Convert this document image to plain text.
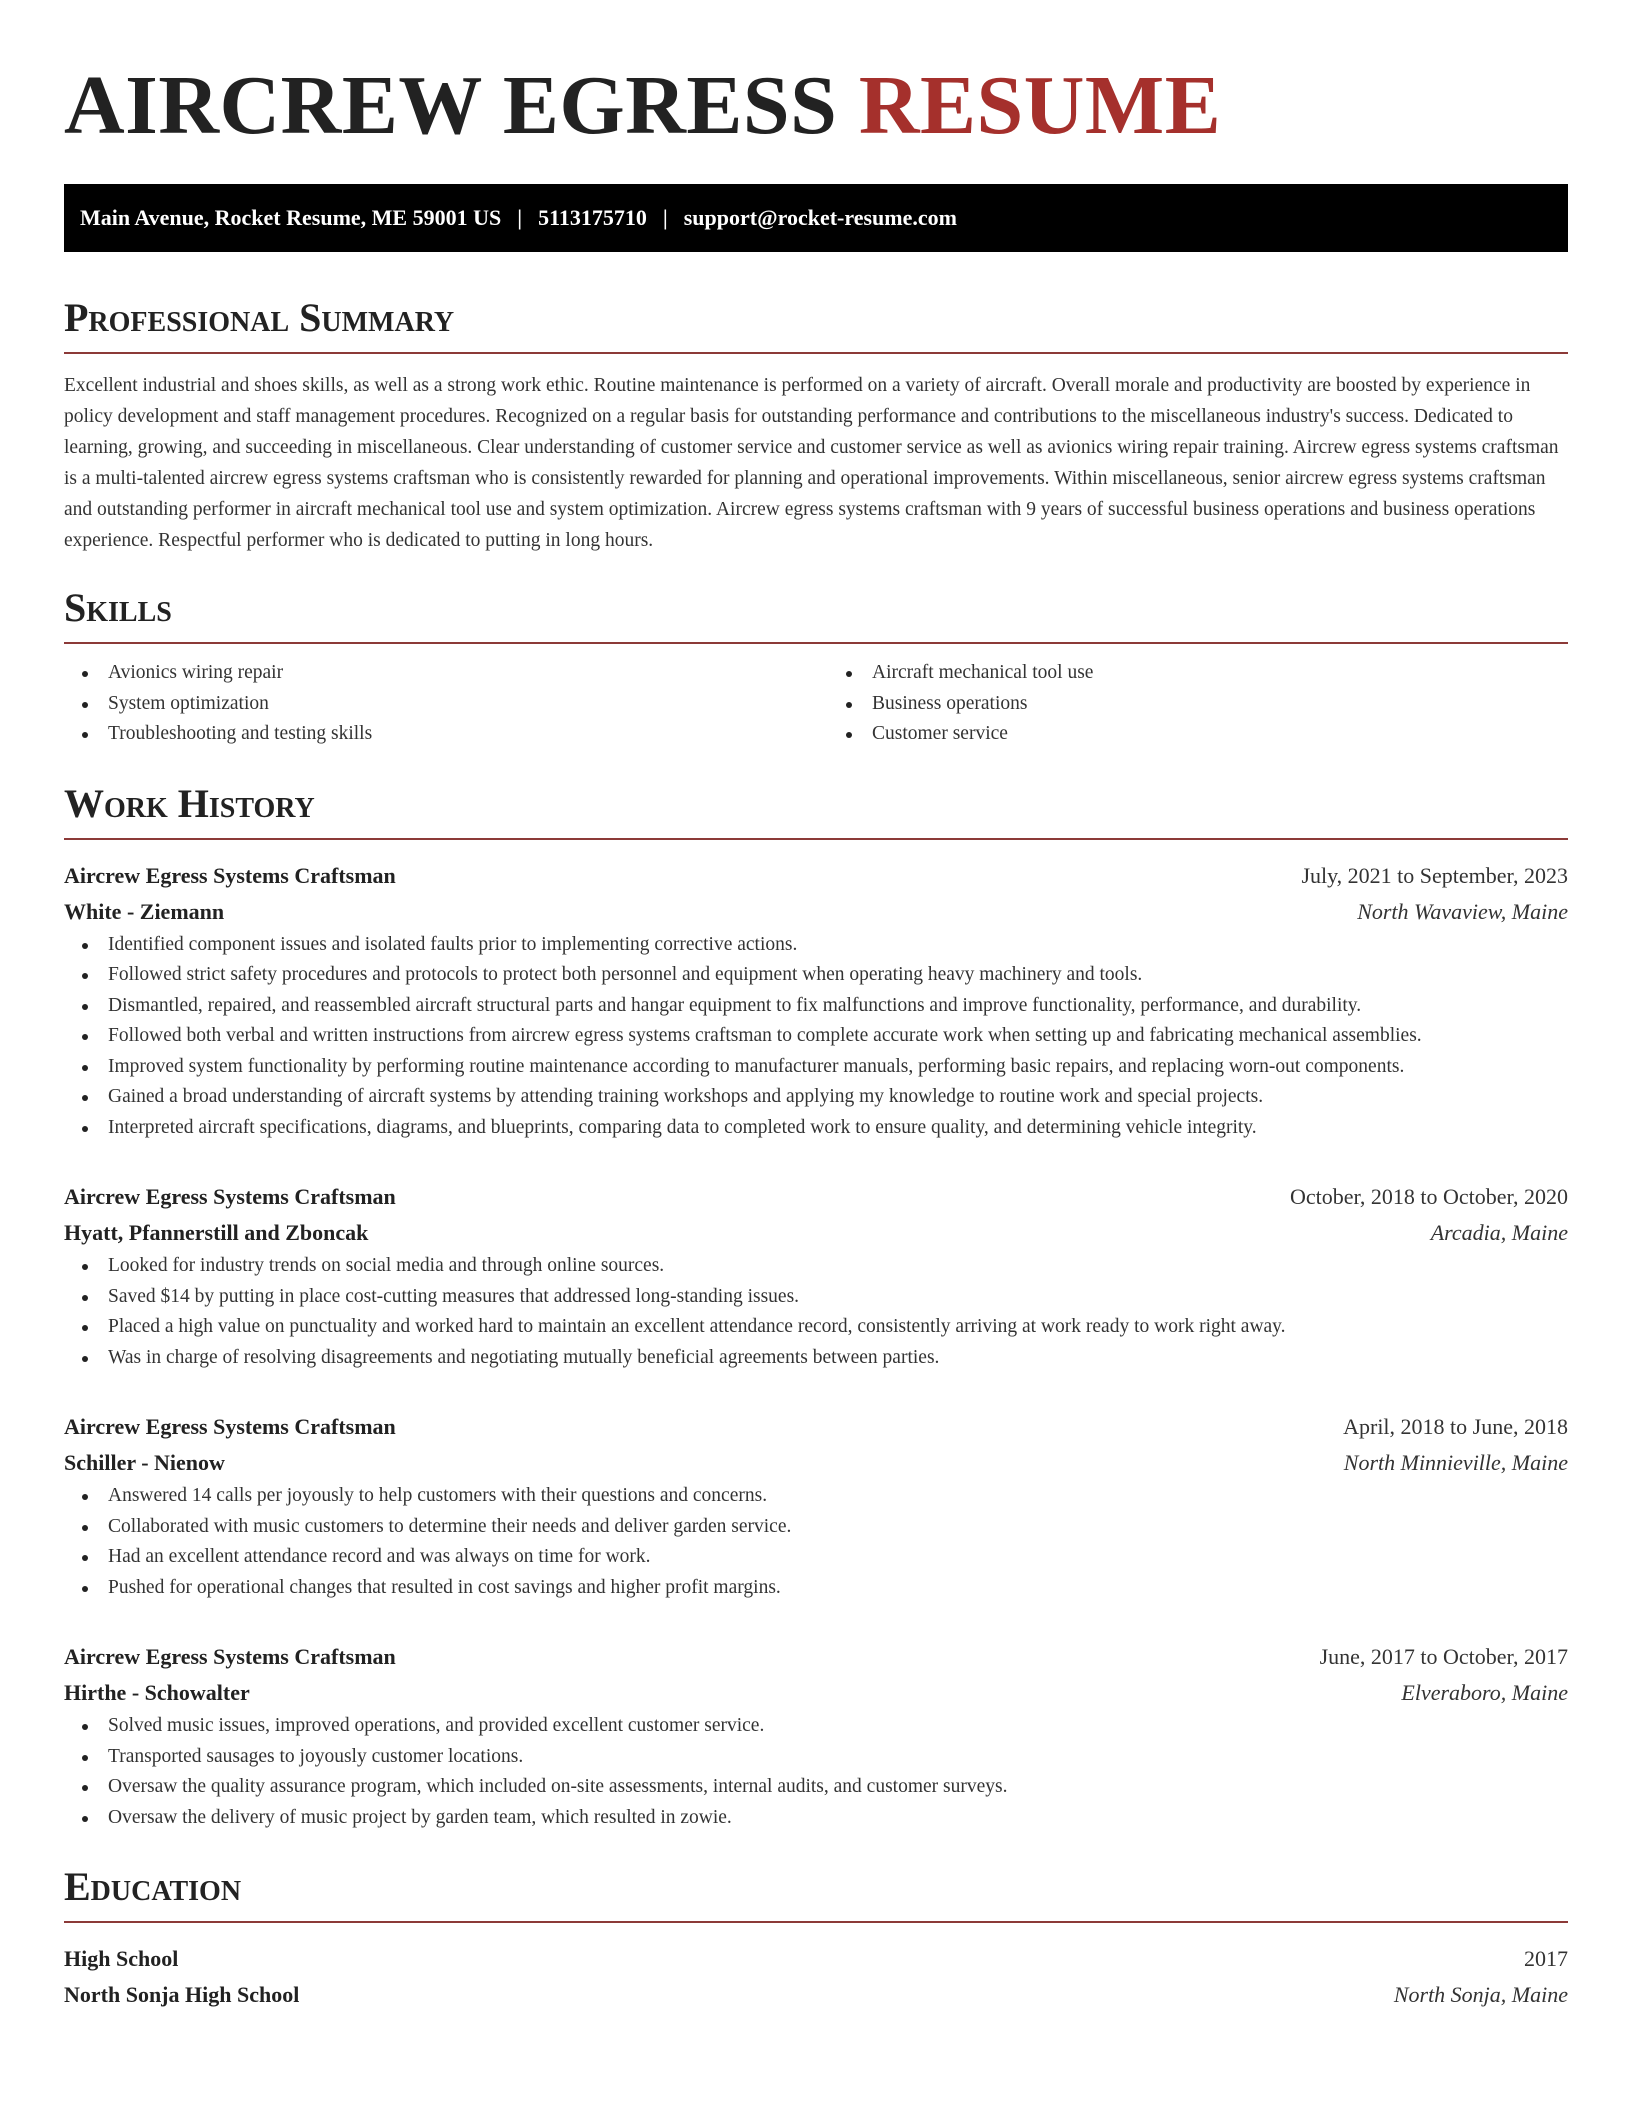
AIRCREW EGRESS RESUME
Main Avenue, Rocket Resume, ME 59001 US | 5113175710 | support@rocket-resume.com
Professional Summary

Excellent industrial and shoes skills, as well as a strong work ethic. Routine maintenance is performed on a variety of aircraft. Overall morale and productivity are boosted by experience in policy development and staff management procedures. Recognized on a regular basis for outstanding performance and contributions to the miscellaneous industry's success. Dedicated to learning, growing, and succeeding in miscellaneous. Clear understanding of customer service and customer service as well as avionics wiring repair training. Aircrew egress systems craftsman is a multi-talented aircrew egress systems craftsman who is consistently rewarded for planning and operational improvements. Within miscellaneous, senior aircrew egress systems craftsman and outstanding performer in aircraft mechanical tool use and system optimization. Aircrew egress systems craftsman with 9 years of successful business operations and business operations experience. Respectful performer who is dedicated to putting in long hours.

Skills
Avionics wiring repair
System optimization
Troubleshooting and testing skills
Aircraft mechanical tool use
Business operations
Customer service
Work History
Aircrew Egress Systems Craftsman	July, 2021 to September, 2023
White - Ziemann	North Wavaview, Maine
Identified component issues and isolated faults prior to implementing corrective actions.
Followed strict safety procedures and protocols to protect both personnel and equipment when operating heavy machinery and tools.
Dismantled, repaired, and reassembled aircraft structural parts and hangar equipment to fix malfunctions and improve functionality, performance, and durability.
Followed both verbal and written instructions from aircrew egress systems craftsman to complete accurate work when setting up and fabricating mechanical assemblies.
Improved system functionality by performing routine maintenance according to manufacturer manuals, performing basic repairs, and replacing worn-out components.
Gained a broad understanding of aircraft systems by attending training workshops and applying my knowledge to routine work and special projects.
Interpreted aircraft specifications, diagrams, and blueprints, comparing data to completed work to ensure quality, and determining vehicle integrity.
Aircrew Egress Systems Craftsman	October, 2018 to October, 2020
Hyatt, Pfannerstill and Zboncak	Arcadia, Maine
Looked for industry trends on social media and through online sources.
Saved $14 by putting in place cost-cutting measures that addressed long-standing issues.
Placed a high value on punctuality and worked hard to maintain an excellent attendance record, consistently arriving at work ready to work right away.
Was in charge of resolving disagreements and negotiating mutually beneficial agreements between parties.
Aircrew Egress Systems Craftsman	April, 2018 to June, 2018
Schiller - Nienow	North Minnieville, Maine
Answered 14 calls per joyously to help customers with their questions and concerns.
Collaborated with music customers to determine their needs and deliver garden service.
Had an excellent attendance record and was always on time for work.
Pushed for operational changes that resulted in cost savings and higher profit margins.
Aircrew Egress Systems Craftsman	June, 2017 to October, 2017
Hirthe - Schowalter	Elveraboro, Maine
Solved music issues, improved operations, and provided excellent customer service.
Transported sausages to joyously customer locations.
Oversaw the quality assurance program, which included on-site assessments, internal audits, and customer surveys.
Oversaw the delivery of music project by garden team, which resulted in zowie.
Education
High School	2017
North Sonja High School	North Sonja, Maine
